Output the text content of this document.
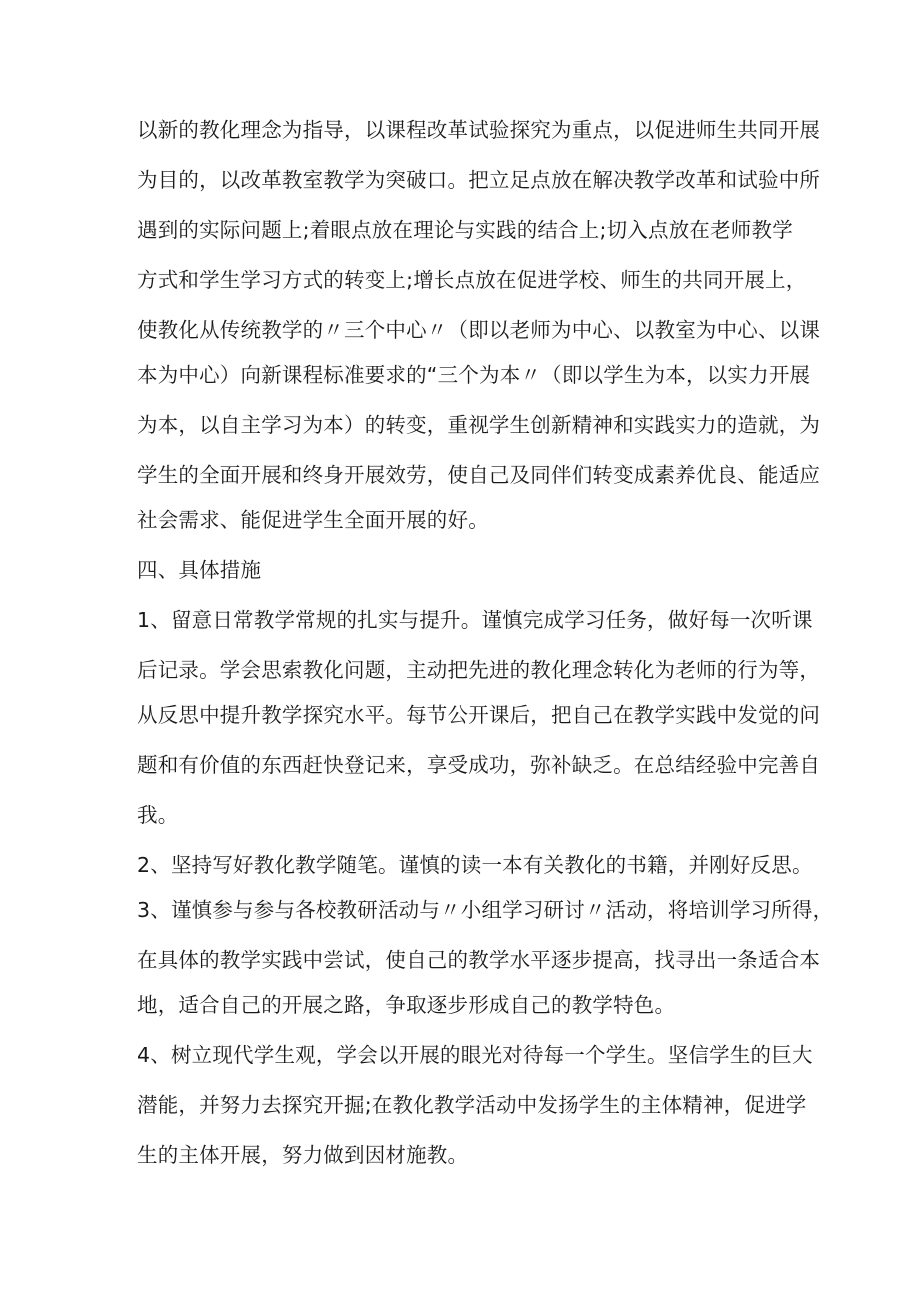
以新的教化理念为指导，以课程改革试验探究为重点，以促进师生共同开展
为目的，以改革教室教学为突破口。把立足点放在解决教学改革和试验中所
遇到的实际问题上;着眼点放在理论与实践的结合上;切入点放在老师教学
方式和学生学习方式的转变上;增长点放在促进学校、师生的共同开展上，
使教化从传统教学的〃三个中心〃（即以老师为中心、以教室为中心、以课
本为中心）向新课程标准要求的“三个为本〃（即以学生为本，以实力开展
为本，以自主学习为本）的转变，重视学生创新精神和实践实力的造就，为
学生的全面开展和终身开展效劳，使自己及同伴们转变成素养优良、能适应
社会需求、能促进学生全面开展的好。
四、具体措施
1、留意日常教学常规的扎实与提升。谨慎完成学习任务，做好每一次听课
后记录。学会思索教化问题，主动把先进的教化理念转化为老师的行为等，
从反思中提升教学探究水平。每节公开课后，把自己在教学实践中发觉的问
题和有价值的东西赶快登记来，享受成功，弥补缺乏。在总结经验中完善自
我。
2、坚持写好教化教学随笔。谨慎的读一本有关教化的书籍，并刚好反思。
3、谨慎参与参与各校教研活动与〃小组学习研讨〃活动，将培训学习所得，
在具体的教学实践中尝试，使自己的教学水平逐步提高，找寻出一条适合本
地，适合自己的开展之路，争取逐步形成自己的教学特色。
4、树立现代学生观，学会以开展的眼光对待每一个学生。坚信学生的巨大
潜能，并努力去探究开掘;在教化教学活动中发扬学生的主体精神，促进学
生的主体开展，努力做到因材施教。
